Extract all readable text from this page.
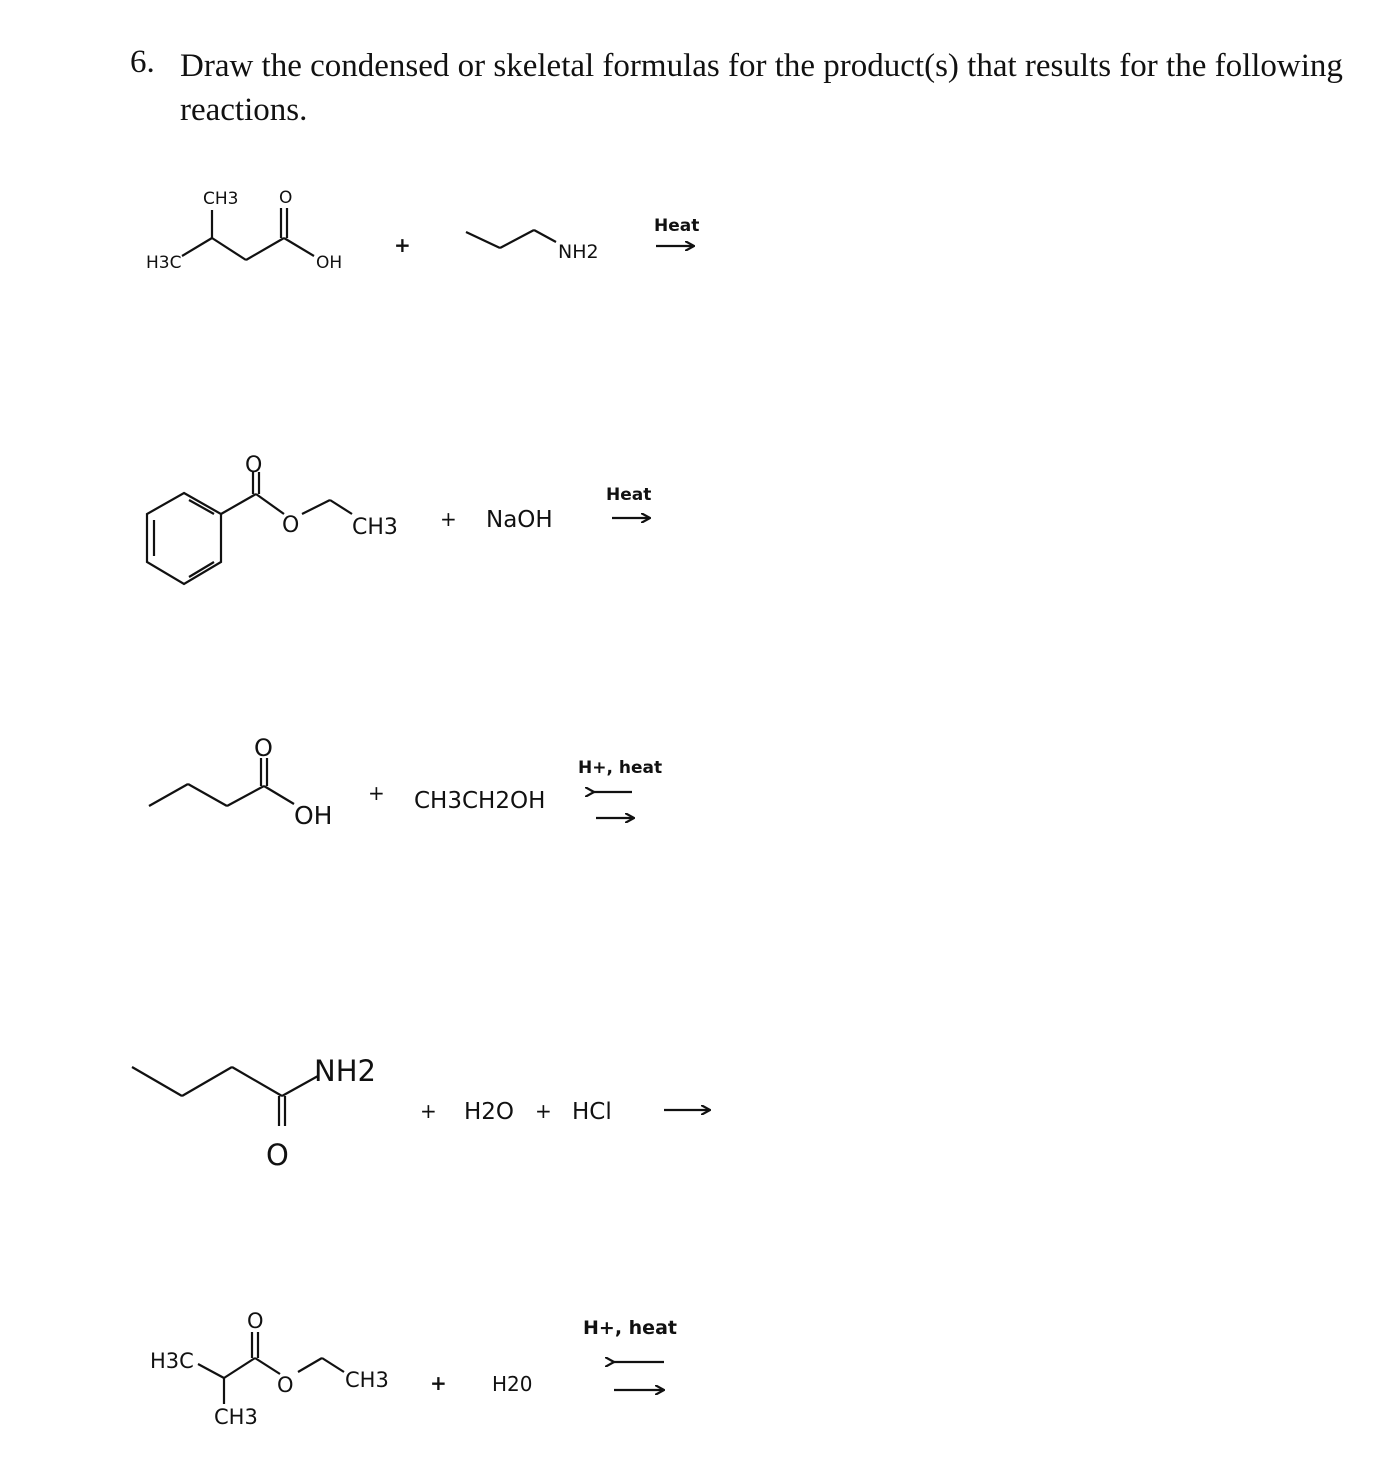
6. Draw the condensed or skeletal formulas for the product(s) that results for the following reactions.
CH3 O
OH
H3C
+	NH2
Heat
O
O CH3 + NaOH
Heat
O
OH
+ CH3CH2OH
H+, heat
NH2
O
+ H2O + HCl
O
H3C
O CH3
CH3
+ H20
H+, heat
